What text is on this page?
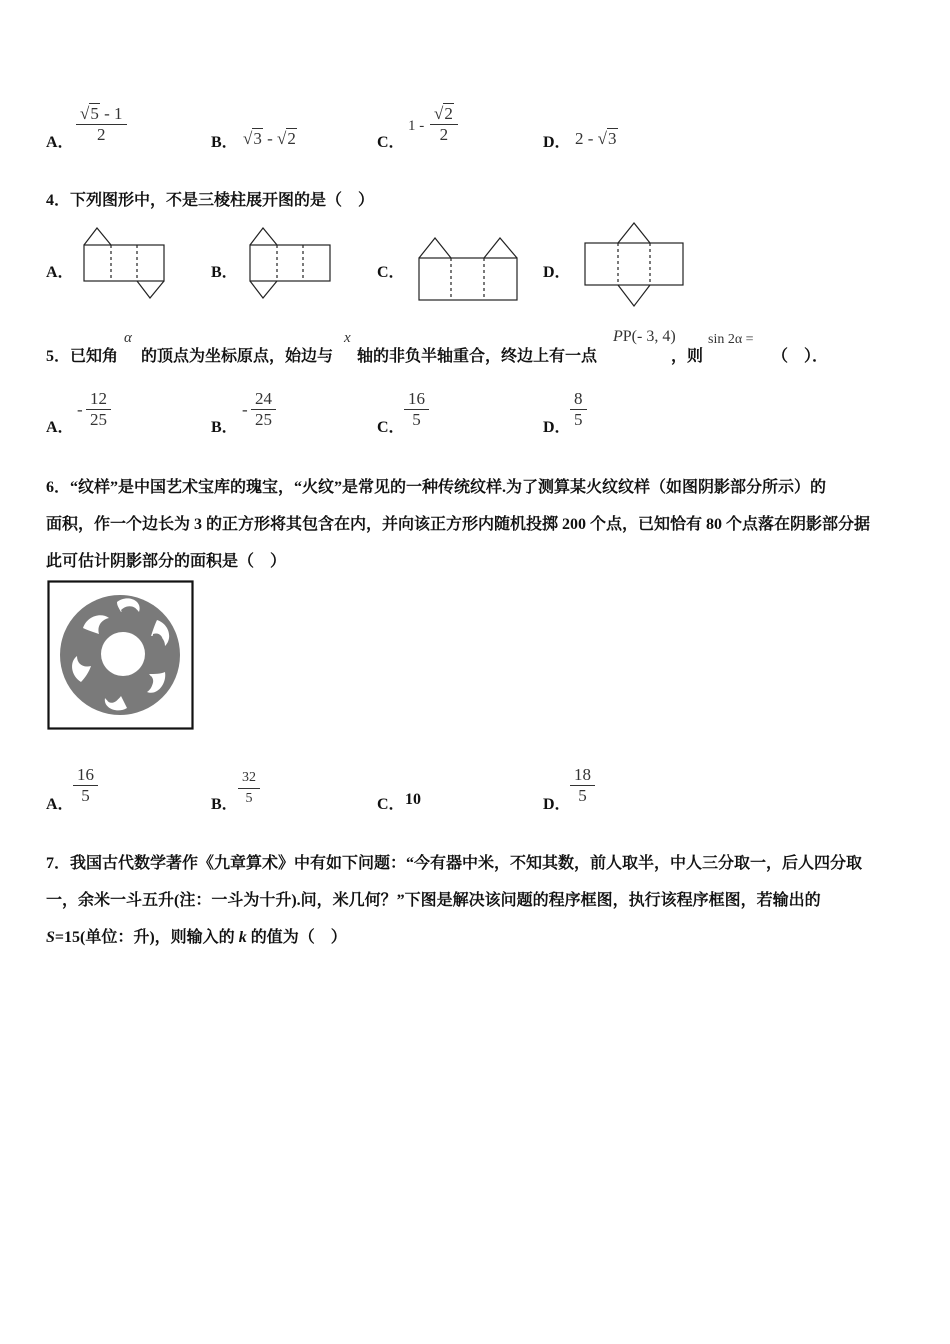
A． $\frac{√5 - 1}{2}$	B． √3 - √2	C．
$1 - \frac{√2}{2}$	D． 2 - √3
4．下列图形中，不是三棱柱展开图的是（　）
A．	B．	C．	D．
5．已知角
α
的顶点为坐标原点，始边与
x
轴的非负半轴重合，终边上有一点
PP(- 3, 4)
，则
sin 2α =
（　）．
A．
- $\frac{12}{25}$	B．
- $\frac{24}{25}$	C． $\frac{16}{5}$	D． $\frac{8}{5}$
6．“纹样”是中国艺术宝库的瑰宝，“火纹”是常见的一种传统纹样.为了测算某火纹纹样（如图阴影部分所示）的
面积，作一个边长为 3 的正方形将其包含在内，并向该正方形内随机投掷 200 个点，已知恰有 80 个点落在阴影部分据
此可估计阴影部分的面积是（　）
A． $\frac{16}{5}$	B． $\frac{32}{5}$	C． 10	D． $\frac{18}{5}$
7．我国古代数学著作《九章算术》中有如下问题：“今有器中米，不知其数，前人取半，中人三分取一，后人四分取
一，余米一斗五升(注：一斗为十升).问，米几何？”下图是解决该问题的程序框图，执行该程序框图，若输出的
S=15(单位：升)，则输入的 k 的值为（　）
